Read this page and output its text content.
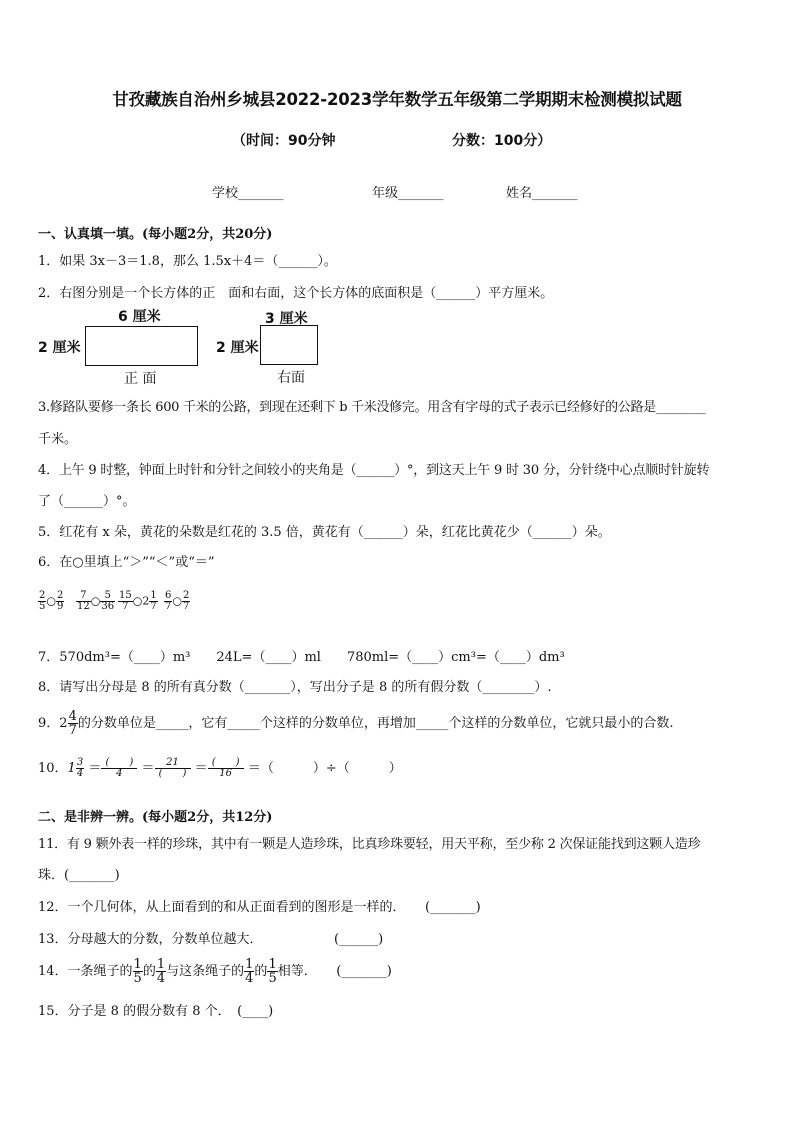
甘孜藏族自治州乡城县2022-2023学年数学五年级第二学期期末检测模拟试题
（时间：90分钟	分数：100分）
学校_______	年级_______	姓名_______
一、认真填一填。(每小题2分，共20分)
1．如果 3x－3＝1.8，那么 1.5x＋4＝（______）。
2．右图分别是一个长方体的正　面和右面，这个长方体的底面积是（______）平方厘米。
6 厘米
2 厘米
正 面
3 厘米
2 厘米
右面
3.修路队要修一条长 600 千米的公路，到现在还剩下 b 千米没修完。用含有字母的式子表示已经修好的公路是________
千米。
4．上午 9 时整，钟面上时针和分针之间较小的夹角是（______）°，到这天上午 9 时 30 分，分针绕中心点顺时针旋转
了（______）°。
5．红花有 x 朵，黄花的朵数是红花的 3.5 倍，黄花有（______）朵，红花比黄花少（______）朵。
6．在○里填上“＞”“＜”或“＝”
$\frac{2}{5}$ ○ $\frac{2}{9} \frac{7}{12}$ ○ $\frac{5}{36} \frac{15}{7}$ ○2 $\frac{1}{7} \frac{6}{7}$ ○ $\frac{2}{7}$
7．570dm³=（____）m³　　24L=（____）ml　　780ml=（____）cm³=（____）dm³
8．请写出分母是 8 的所有真分数（_______），写出分子是 8 的所有假分数（________）.
9．$2 \frac{4}{7}$ 的分数单位是_____，它有_____个这样的分数单位，再增加_____个这样的分数单位，它就只最小的合数.
10．$1 \frac{3}{4} = \frac{( )}{4} = \frac{21}{( )} = \frac{( )}{16}$ ＝（　　　）÷（　　　）
二、是非辨一辨。(每小题2分，共12分)
11．有 9 颗外表一样的珍珠，其中有一颗是人造珍珠，比真珍珠要轻，用天平称，至少称 2 次保证能找到这颗人造珍
珠．(_______)
12．一个几何体，从上面看到的和从正面看到的图形是一样的．　　(_______)
13．分母越大的分数，分数单位越大．　　　　　　(______)
14．一条绳子的 $\frac{1}{5}$ 的 $\frac{1}{4}$ 与这条绳子的 $\frac{1}{4}$ 的 $\frac{1}{5}$ 相等．　　(_______)
15．分子是 8 的假分数有 8 个．　(____)
